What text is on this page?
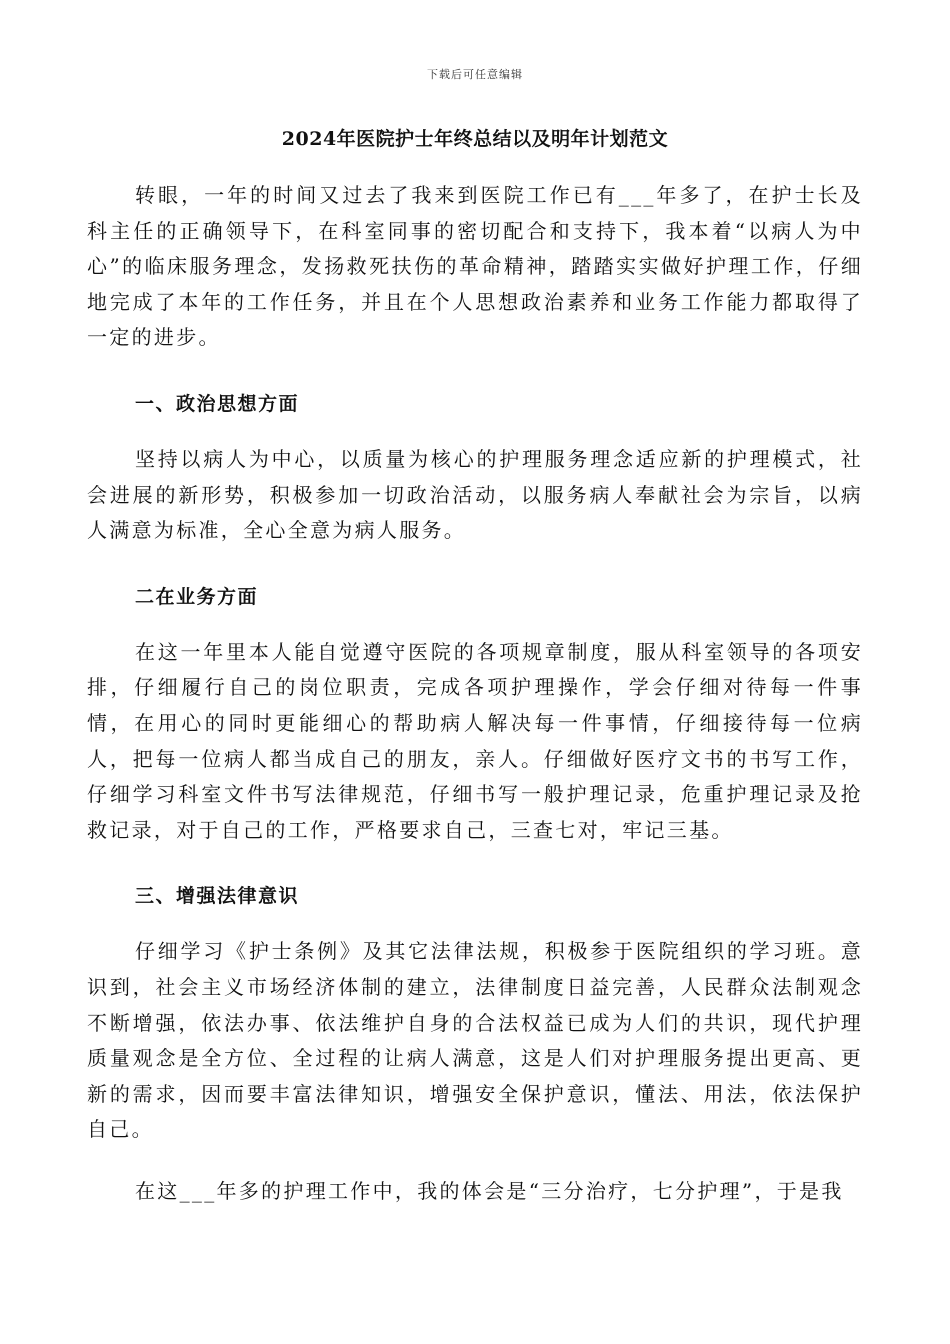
下载后可任意编辑
2024年医院护士年终总结以及明年计划范文

转眼，一年的时间又过去了我来到医院工作已有___年多了，在护士长及科主任的正确领导下，在科室同事的密切配合和支持下，我本着“以病人为中心”的临床服务理念，发扬救死扶伤的革命精神，踏踏实实做好护理工作，仔细地完成了本年的工作任务，并且在个人思想政治素养和业务工作能力都取得了一定的进步。

一、政治思想方面

坚持以病人为中心，以质量为核心的护理服务理念适应新的护理模式，社会进展的新形势，积极参加一切政治活动，以服务病人奉献社会为宗旨，以病人满意为标准，全心全意为病人服务。

二在业务方面

在这一年里本人能自觉遵守医院的各项规章制度，服从科室领导的各项安排，仔细履行自己的岗位职责，完成各项护理操作，学会仔细对待每一件事情，在用心的同时更能细心的帮助病人解决每一件事情，仔细接待每一位病人，把每一位病人都当成自己的朋友，亲人。仔细做好医疗文书的书写工作，仔细学习科室文件书写法律规范，仔细书写一般护理记录，危重护理记录及抢救记录，对于自己的工作，严格要求自己，三查七对，牢记三基。

三、增强法律意识

仔细学习《护士条例》及其它法律法规，积极参于医院组织的学习班。意识到，社会主义市场经济体制的建立，法律制度日益完善，人民群众法制观念不断增强，依法办事、依法维护自身的合法权益已成为人们的共识，现代护理质量观念是全方位、全过程的让病人满意，这是人们对护理服务提出更高、更新的需求，因而要丰富法律知识，增强安全保护意识，懂法、用法，依法保护自己。

在这___年多的护理工作中，我的体会是“三分治疗，七分护理”，于是我
